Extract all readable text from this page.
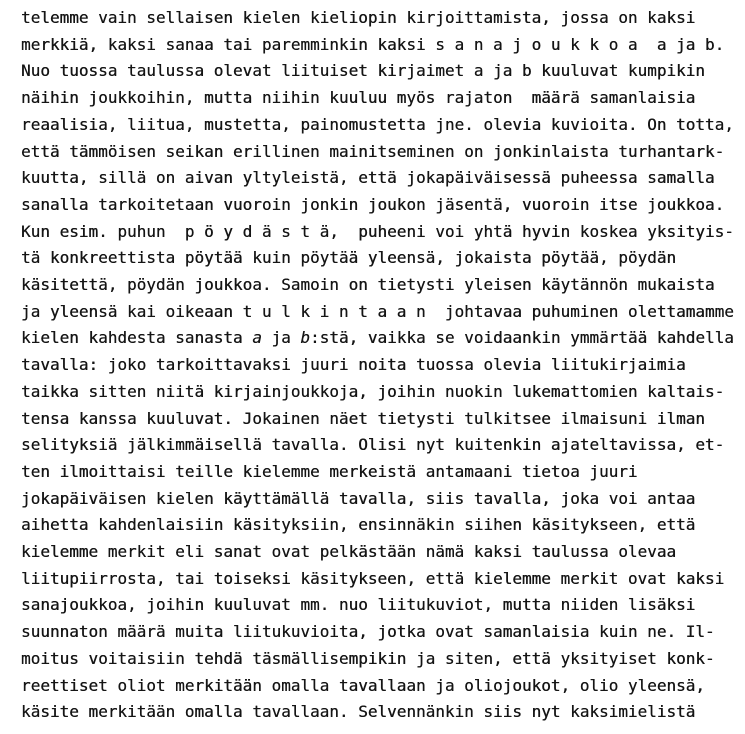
telemme vain sellaisen kielen kieliopin kirjoittamista, jossa on kaksi
merkkiä, kaksi sanaa tai paremminkin kaksi s a n a j o u k k o a  a ja b.
Nuo tuossa taulussa olevat liituiset kirjaimet a ja b kuuluvat kumpikin
näihin joukkoihin, mutta niihin kuuluu myös rajaton  määrä samanlaisia
reaalisia, liitua, mustetta, painomustetta jne. olevia kuvioita. On totta,
että tämmöisen seikan erillinen mainitseminen on jonkinlaista turhantark-
kuutta, sillä on aivan yltyleistä, että jokapäiväisessä puheessa samalla
sanalla tarkoitetaan vuoroin jonkin joukon jäsentä, vuoroin itse joukkoa.
Kun esim. puhun  p ö y d ä s t ä,  puheeni voi yhtä hyvin koskea yksityis-
tä konkreettista pöytää kuin pöytää yleensä, jokaista pöytää, pöydän
käsitettä, pöydän joukkoa. Samoin on tietysti yleisen käytännön mukaista
ja yleensä kai oikeaan t u l k i n t a a n  johtavaa puhuminen olettamamme
kielen kahdesta sanasta a ja b:stä, vaikka se voidaankin ymmärtää kahdella
tavalla: joko tarkoittavaksi juuri noita tuossa olevia liitukirjaimia
taikka sitten niitä kirjainjoukkoja, joihin nuokin lukemattomien kaltais-
tensa kanssa kuuluvat. Jokainen näet tietysti tulkitsee ilmaisuni ilman
selityksiä jälkimmäisellä tavalla. Olisi nyt kuitenkin ajateltavissa, et-
ten ilmoittaisi teille kielemme merkeistä antamaani tietoa juuri
jokapäiväisen kielen käyttämällä tavalla, siis tavalla, joka voi antaa
aihetta kahdenlaisiin käsityksiin, ensinnäkin siihen käsitykseen, että
kielemme merkit eli sanat ovat pelkästään nämä kaksi taulussa olevaa
liitupiirrosta, tai toiseksi käsitykseen, että kielemme merkit ovat kaksi
sanajoukkoa, joihin kuuluvat mm. nuo liitukuviot, mutta niiden lisäksi
suunnaton määrä muita liitukuvioita, jotka ovat samanlaisia kuin ne. Il-
moitus voitaisiin tehdä täsmällisempikin ja siten, että yksityiset konk-
reettiset oliot merkitään omalla tavallaan ja oliojoukot, olio yleensä,
käsite merkitään omalla tavallaan. Selvennänkin siis nyt kaksimielistä
